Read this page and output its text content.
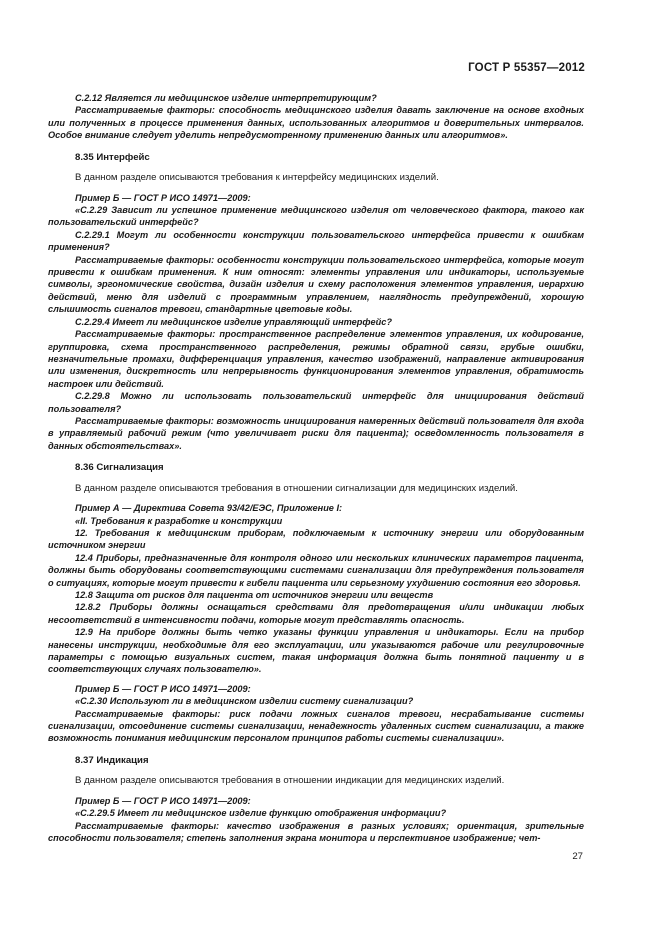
ГОСТ Р 55357—2012

C.2.12 Является ли медицинское изделие интерпретирующим?

Рассматриваемые факторы: способность медицинского изделия давать заключение на основе входных или полученных в процессе применения данных, использованных алгоритмов и доверительных интервалов. Особое внимание следует уделить непредусмотренному применению данных или алгоритмов».

8.35 Интерфейс

В данном разделе описываются требования к интерфейсу медицинских изделий.

Пример Б — ГОСТ Р ИСО 14971—2009:

«C.2.29 Зависит ли успешное применение медицинского изделия от человеческого фактора, такого как пользовательский интерфейс?

C.2.29.1 Могут ли особенности конструкции пользовательского интерфейса привести к ошибкам применения?

Рассматриваемые факторы: особенности конструкции пользовательского интерфейса, которые могут привести к ошибкам применения. К ним относят: элементы управления или индикаторы, используемые символы, эргономические свойства, дизайн изделия и схему расположения элементов управления, иерархию действий, меню для изделий с программным управлением, наглядность предупреждений, хорошую слышимость сигналов тревоги, стандартные цветовые коды.

C.2.29.4 Имеет ли медицинское изделие управляющий интерфейс?

Рассматриваемые факторы: пространственное распределение элементов управления, их кодирование, группировка, схема пространственного распределения, режимы обратной связи, грубые ошибки, незначительные промахи, дифференциация управления, качество изображений, направление активирования или изменения, дискретность или непрерывность функционирования элементов управления, обратимость настроек или действий.

C.2.29.8 Можно ли использовать пользовательский интерфейс для инициирования действий пользователя?

Рассматриваемые факторы: возможность инициирования намеренных действий пользователя для входа в управляемый рабочий режим (что увеличивает риски для пациента); осведомленность пользователя в данных обстоятельствах».

8.36 Сигнализация

В данном разделе описываются требования в отношении сигнализации для медицинских изделий.

Пример А — Директива Совета 93/42/ЕЭС, Приложение I:

«II. Требования к разработке и конструкции

12. Требования к медицинским приборам, подключаемым к источнику энергии или оборудованным источником энергии

12.4 Приборы, предназначенные для контроля одного или нескольких клинических параметров пациента, должны быть оборудованы соответствующими системами сигнализации для предупреждения пользователя о ситуациях, которые могут привести к гибели пациента или серьезному ухудшению состояния его здоровья.

12.8 Защита от рисков для пациента от источников энергии или веществ

12.8.2 Приборы должны оснащаться средствами для предотвращения и/или индикации любых несоответствий в интенсивности подачи, которые могут представлять опасность.

12.9 На приборе должны быть четко указаны функции управления и индикаторы. Если на прибор нанесены инструкции, необходимые для его эксплуатации, или указываются рабочие или регулировочные параметры с помощью визуальных систем, такая информация должна быть понятной пациенту и в соответствующих случаях пользователю».

Пример Б — ГОСТ Р ИСО 14971—2009:

«C.2.30 Используют ли в медицинском изделии систему сигнализации?

Рассматриваемые факторы: риск подачи ложных сигналов тревоги, несрабатывание системы сигнализации, отсоединение системы сигнализации, ненадежность удаленных систем сигнализации, а также возможность понимания медицинским персоналом принципов работы системы сигнализации».

8.37 Индикация

В данном разделе описываются требования в отношении индикации для медицинских изделий.

Пример Б — ГОСТ Р ИСО 14971—2009:

«C.2.29.5 Имеет ли медицинское изделие функцию отображения информации?

Рассматриваемые факторы: качество изображения в разных условиях; ориентация, зрительные способности пользователя; степень заполнения экрана монитора и перспективное изображение; чет-

27
